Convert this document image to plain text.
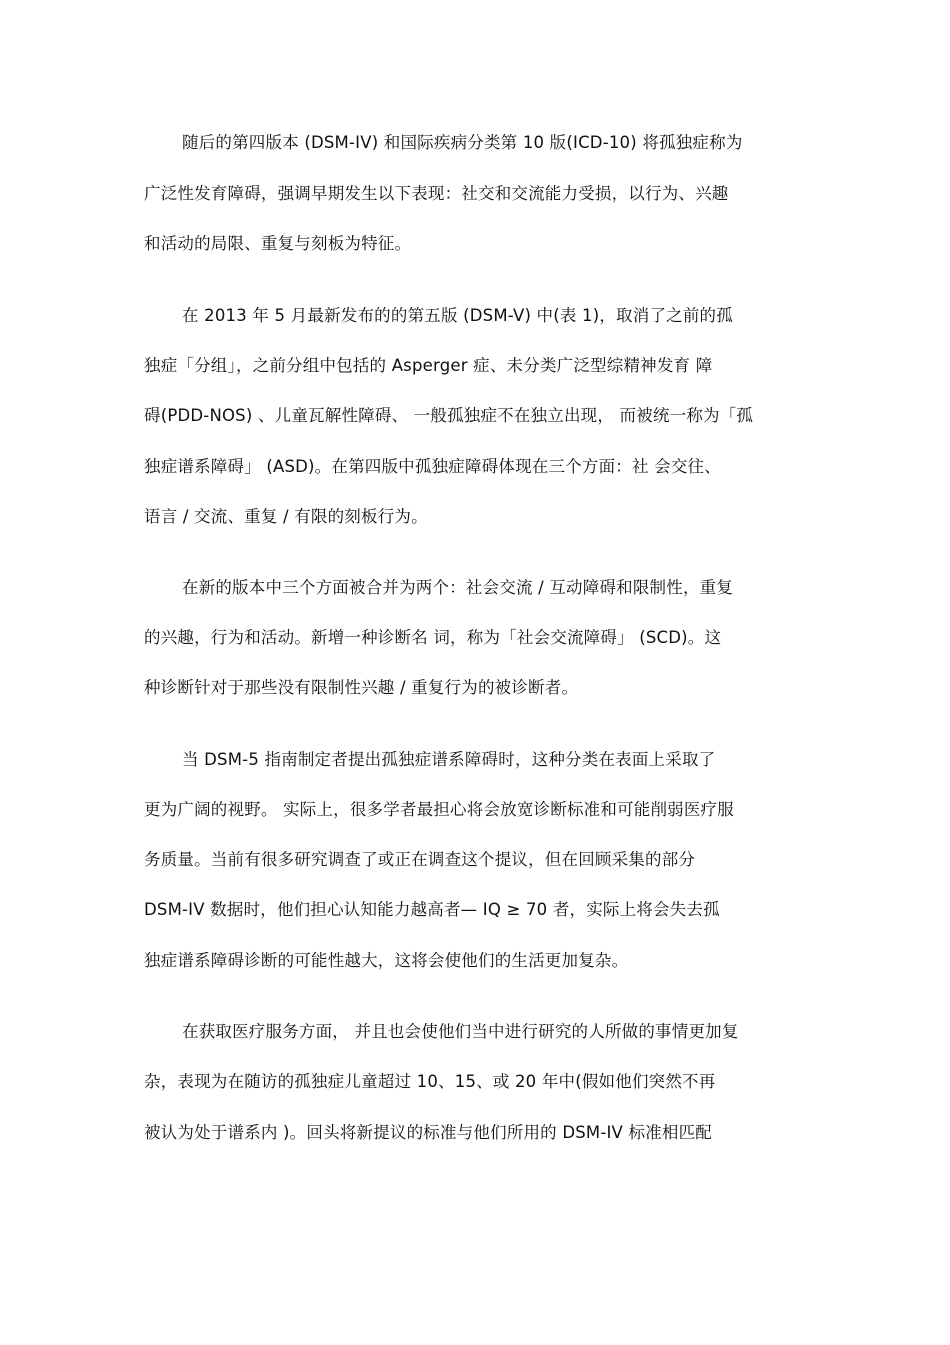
随后的第四版本 (DSM-IV) 和国际疾病分类第 10 版(ICD-10) 将孤独症称为
广泛性发育障碍，强调早期发生以下表现：社交和交流能力受损，以行为、兴趣
和活动的局限、重复与刻板为特征。
在 2013 年 5 月最新发布的的第五版 (DSM-V) 中(表 1)，取消了之前的孤
独症「分组」，之前分组中包括的 Asperger 症、未分类广泛型综精神发育 障
碍(PDD-NOS) 、儿童瓦解性障碍、 一般孤独症不在独立出现， 而被统一称为「孤
独症谱系障碍」 (ASD)。在第四版中孤独症障碍体现在三个方面：社 会交往、
语言 / 交流、重复 / 有限的刻板行为。
在新的版本中三个方面被合并为两个：社会交流 / 互动障碍和限制性，重复
的兴趣，行为和活动。新增一种诊断名 词，称为「社会交流障碍」 (SCD)。这
种诊断针对于那些没有限制性兴趣 / 重复行为的被诊断者。
当 DSM-5 指南制定者提出孤独症谱系障碍时，这种分类在表面上采取了
更为广阔的视野。 实际上，很多学者最担心将会放宽诊断标准和可能削弱医疗服
务质量。当前有很多研究调查了或正在调查这个提议，但在回顾采集的部分
DSM-IV 数据时，他们担心认知能力越高者— IQ ≥ 70 者，实际上将会失去孤
独症谱系障碍诊断的可能性越大，这将会使他们的生活更加复杂。
在获取医疗服务方面， 并且也会使他们当中进行研究的人所做的事情更加复
杂，表现为在随访的孤独症儿童超过 10、15、或 20 年中(假如他们突然不再
被认为处于谱系内 )。回头将新提议的标准与他们所用的 DSM-IV 标准相匹配
